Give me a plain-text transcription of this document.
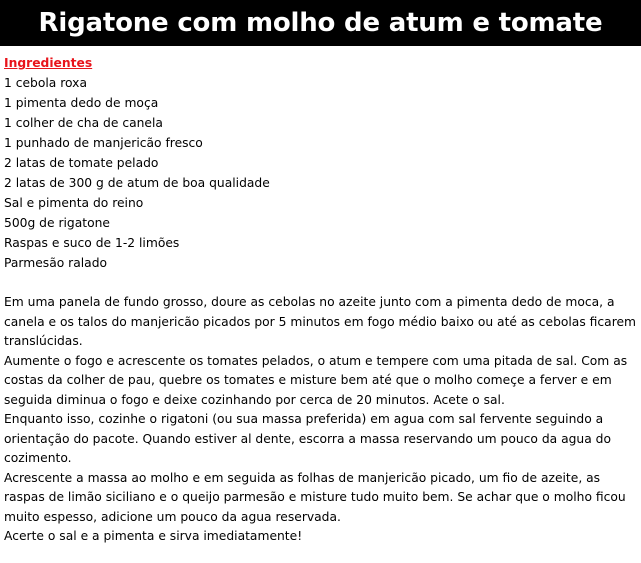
Rigatone com molho de atum e tomate
Ingredientes
1 cebola roxa
1 pimenta dedo de moça
1 colher de cha de canela
1 punhado de manjericão fresco
2 latas de tomate pelado
2 latas de 300 g de atum de boa qualidade
Sal e pimenta do reino
500g de rigatone
Raspas e suco de 1-2 limões
Parmesão ralado

Em uma panela de fundo grosso, doure as cebolas no azeite junto com a pimenta dedo de moca, a canela e os talos do manjericão picados por 5 minutos em fogo médio baixo ou até as cebolas ficarem translúcidas.

Aumente o fogo e acrescente os tomates pelados, o atum e tempere com uma pitada de sal. Com as costas da colher de pau, quebre os tomates e misture bem até que o molho começe a ferver e em seguida diminua o fogo e deixe cozinhando por cerca de 20 minutos. Acete o sal.

Enquanto isso, cozinhe o rigatoni (ou sua massa preferida) em agua com sal fervente seguindo a orientação do pacote. Quando estiver al dente, escorra a massa reservando um pouco da agua do cozimento.

Acrescente a massa ao molho e em seguida as folhas de manjericão picado, um fio de azeite, as raspas de limão siciliano e o queijo parmesão e misture tudo muito bem. Se achar que o molho ficou muito espesso, adicione um pouco da agua reservada.

Acerte o sal e a pimenta e sirva imediatamente!
